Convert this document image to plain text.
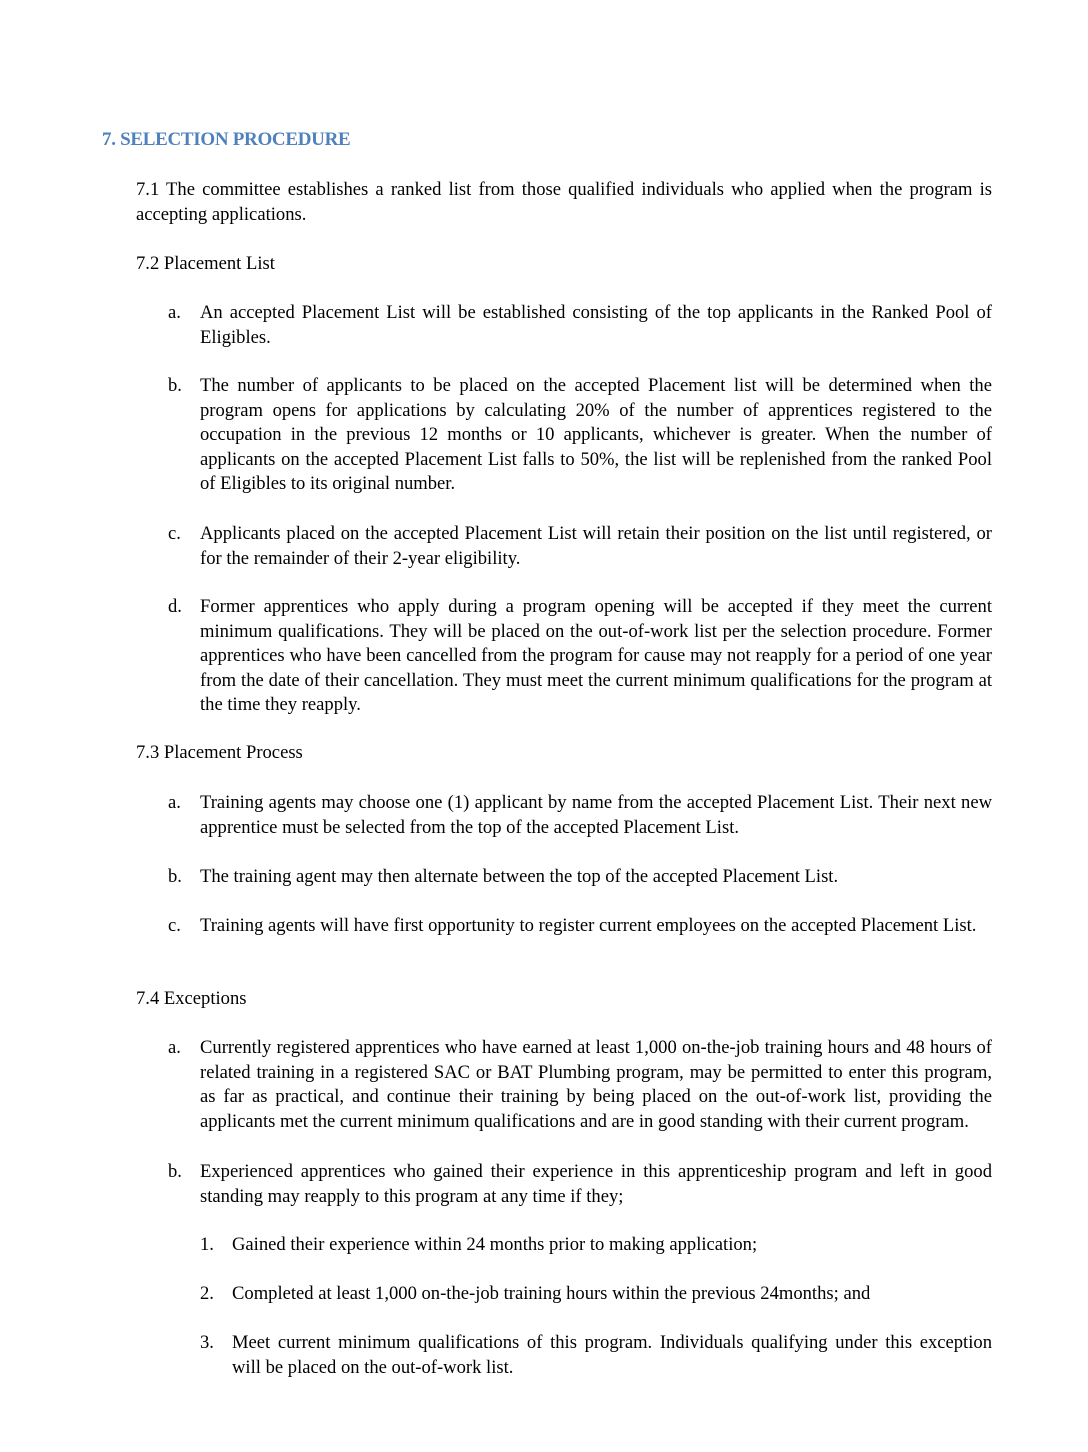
7. SELECTION PROCEDURE
7.1 The committee establishes a ranked list from those qualified individuals who applied when the program is accepting applications.
7.2 Placement List
a. An accepted Placement List will be established consisting of the top applicants in the Ranked Pool of Eligibles.
b. The number of applicants to be placed on the accepted Placement list will be determined when the program opens for applications by calculating 20% of the number of apprentices registered to the occupation in the previous 12 months or 10 applicants, whichever is greater. When the number of applicants on the accepted Placement List falls to 50%, the list will be replenished from the ranked Pool of Eligibles to its original number.
c. Applicants placed on the accepted Placement List will retain their position on the list until registered, or for the remainder of their 2-year eligibility.
d. Former apprentices who apply during a program opening will be accepted if they meet the current minimum qualifications. They will be placed on the out-of-work list per the selection procedure. Former apprentices who have been cancelled from the program for cause may not reapply for a period of one year from the date of their cancellation. They must meet the current minimum qualifications for the program at the time they reapply.
7.3 Placement Process
a. Training agents may choose one (1) applicant by name from the accepted Placement List. Their next new apprentice must be selected from the top of the accepted Placement List.
b. The training agent may then alternate between the top of the accepted Placement List.
c. Training agents will have first opportunity to register current employees on the accepted Placement List.
7.4 Exceptions
a. Currently registered apprentices who have earned at least 1,000 on-the-job training hours and 48 hours of related training in a registered SAC or BAT Plumbing program, may be permitted to enter this program, as far as practical, and continue their training by being placed on the out-of-work list, providing the applicants met the current minimum qualifications and are in good standing with their current program.
b. Experienced apprentices who gained their experience in this apprenticeship program and left in good standing may reapply to this program at any time if they;
1. Gained their experience within 24 months prior to making application;
2. Completed at least 1,000 on-the-job training hours within the previous 24months; and
3. Meet current minimum qualifications of this program. Individuals qualifying under this exception will be placed on the out-of-work list.
